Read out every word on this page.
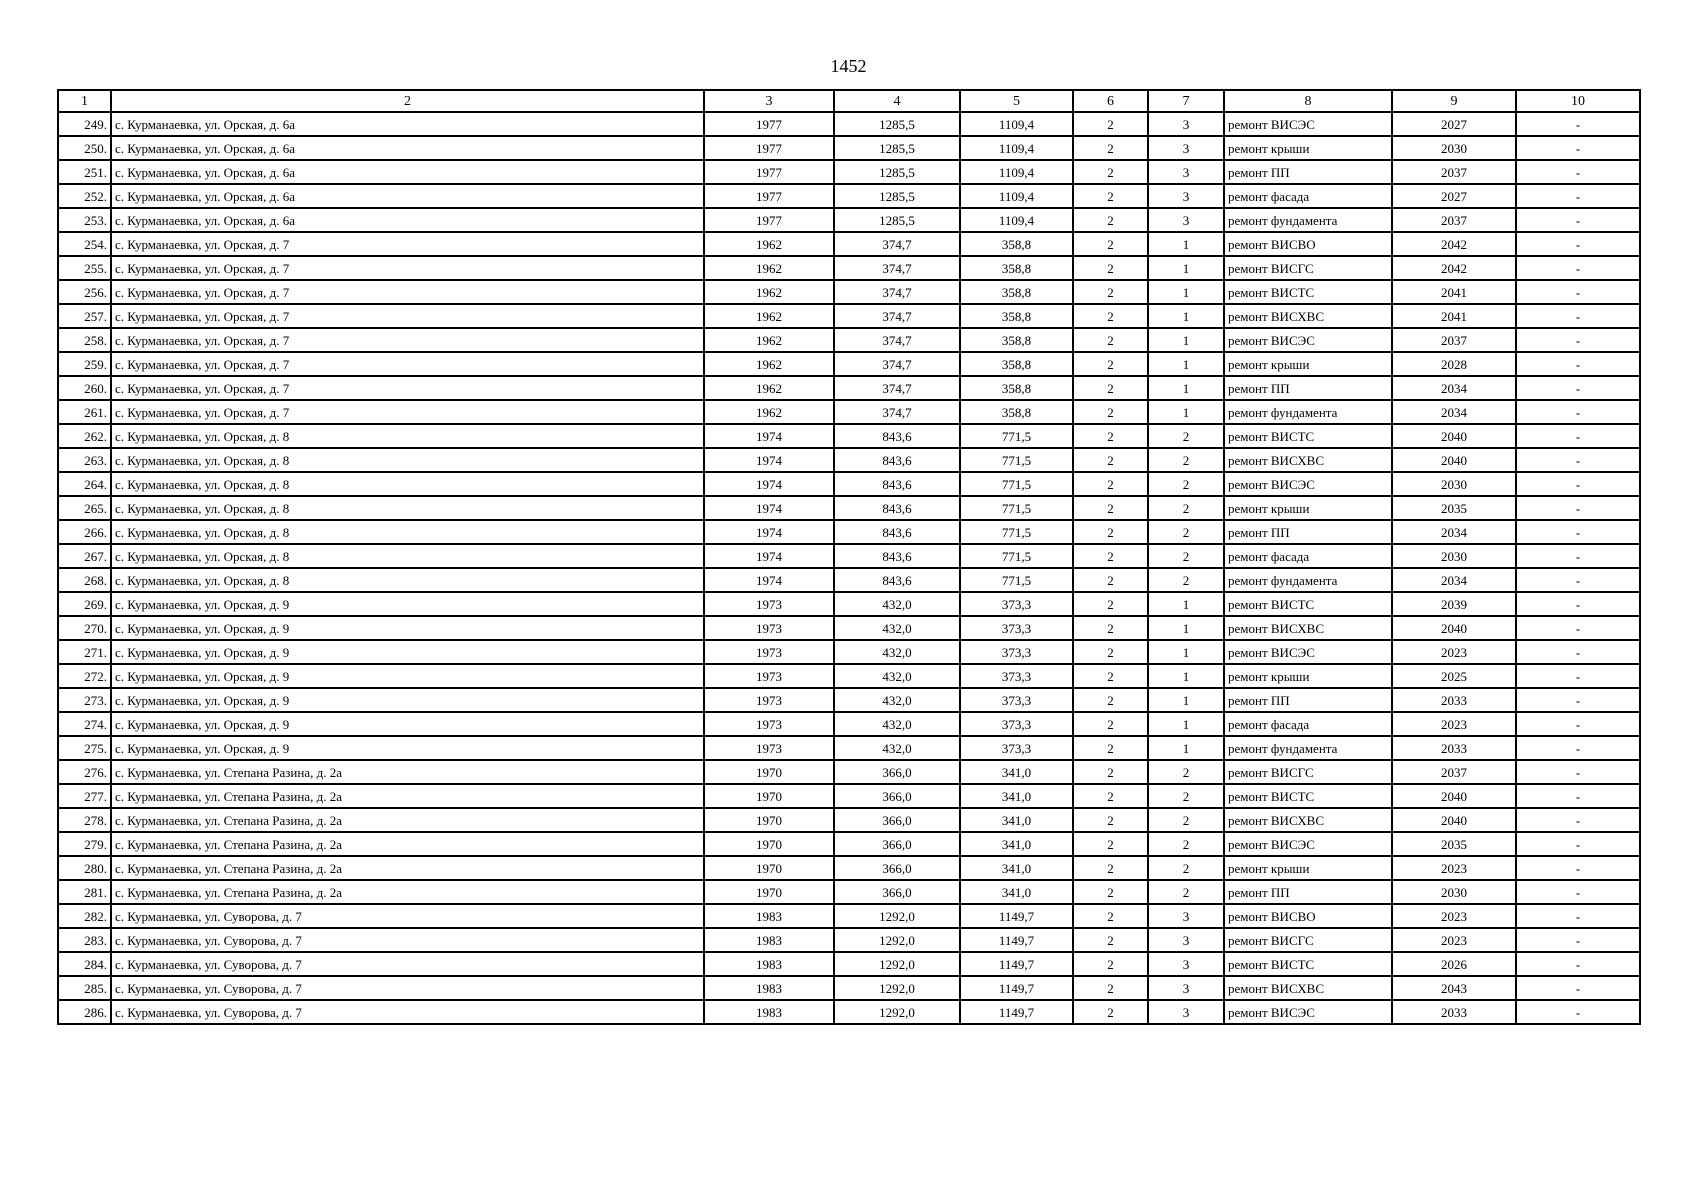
1452
1	2	3	4	5	6	7	8	9	10
249.	с. Курманаевка, ул. Орская, д. 6а	1977	1285,5	1109,4	2	3	ремонт ВИСЭС	2027	-
250.	с. Курманаевка, ул. Орская, д. 6а	1977	1285,5	1109,4	2	3	ремонт крыши	2030	-
251.	с. Курманаевка, ул. Орская, д. 6а	1977	1285,5	1109,4	2	3	ремонт ПП	2037	-
252.	с. Курманаевка, ул. Орская, д. 6а	1977	1285,5	1109,4	2	3	ремонт фасада	2027	-
253.	с. Курманаевка, ул. Орская, д. 6а	1977	1285,5	1109,4	2	3	ремонт фундамента	2037	-
254.	с. Курманаевка, ул. Орская, д. 7	1962	374,7	358,8	2	1	ремонт ВИСВО	2042	-
255.	с. Курманаевка, ул. Орская, д. 7	1962	374,7	358,8	2	1	ремонт ВИСГС	2042	-
256.	с. Курманаевка, ул. Орская, д. 7	1962	374,7	358,8	2	1	ремонт ВИСТС	2041	-
257.	с. Курманаевка, ул. Орская, д. 7	1962	374,7	358,8	2	1	ремонт ВИСХВС	2041	-
258.	с. Курманаевка, ул. Орская, д. 7	1962	374,7	358,8	2	1	ремонт ВИСЭС	2037	-
259.	с. Курманаевка, ул. Орская, д. 7	1962	374,7	358,8	2	1	ремонт крыши	2028	-
260.	с. Курманаевка, ул. Орская, д. 7	1962	374,7	358,8	2	1	ремонт ПП	2034	-
261.	с. Курманаевка, ул. Орская, д. 7	1962	374,7	358,8	2	1	ремонт фундамента	2034	-
262.	с. Курманаевка, ул. Орская, д. 8	1974	843,6	771,5	2	2	ремонт ВИСТС	2040	-
263.	с. Курманаевка, ул. Орская, д. 8	1974	843,6	771,5	2	2	ремонт ВИСХВС	2040	-
264.	с. Курманаевка, ул. Орская, д. 8	1974	843,6	771,5	2	2	ремонт ВИСЭС	2030	-
265.	с. Курманаевка, ул. Орская, д. 8	1974	843,6	771,5	2	2	ремонт крыши	2035	-
266.	с. Курманаевка, ул. Орская, д. 8	1974	843,6	771,5	2	2	ремонт ПП	2034	-
267.	с. Курманаевка, ул. Орская, д. 8	1974	843,6	771,5	2	2	ремонт фасада	2030	-
268.	с. Курманаевка, ул. Орская, д. 8	1974	843,6	771,5	2	2	ремонт фундамента	2034	-
269.	с. Курманаевка, ул. Орская, д. 9	1973	432,0	373,3	2	1	ремонт ВИСТС	2039	-
270.	с. Курманаевка, ул. Орская, д. 9	1973	432,0	373,3	2	1	ремонт ВИСХВС	2040	-
271.	с. Курманаевка, ул. Орская, д. 9	1973	432,0	373,3	2	1	ремонт ВИСЭС	2023	-
272.	с. Курманаевка, ул. Орская, д. 9	1973	432,0	373,3	2	1	ремонт крыши	2025	-
273.	с. Курманаевка, ул. Орская, д. 9	1973	432,0	373,3	2	1	ремонт ПП	2033	-
274.	с. Курманаевка, ул. Орская, д. 9	1973	432,0	373,3	2	1	ремонт фасада	2023	-
275.	с. Курманаевка, ул. Орская, д. 9	1973	432,0	373,3	2	1	ремонт фундамента	2033	-
276.	с. Курманаевка, ул. Степана Разина, д. 2а	1970	366,0	341,0	2	2	ремонт ВИСГС	2037	-
277.	с. Курманаевка, ул. Степана Разина, д. 2а	1970	366,0	341,0	2	2	ремонт ВИСТС	2040	-
278.	с. Курманаевка, ул. Степана Разина, д. 2а	1970	366,0	341,0	2	2	ремонт ВИСХВС	2040	-
279.	с. Курманаевка, ул. Степана Разина, д. 2а	1970	366,0	341,0	2	2	ремонт ВИСЭС	2035	-
280.	с. Курманаевка, ул. Степана Разина, д. 2а	1970	366,0	341,0	2	2	ремонт крыши	2023	-
281.	с. Курманаевка, ул. Степана Разина, д. 2а	1970	366,0	341,0	2	2	ремонт ПП	2030	-
282.	с. Курманаевка, ул. Суворова, д. 7	1983	1292,0	1149,7	2	3	ремонт ВИСВО	2023	-
283.	с. Курманаевка, ул. Суворова, д. 7	1983	1292,0	1149,7	2	3	ремонт ВИСГС	2023	-
284.	с. Курманаевка, ул. Суворова, д. 7	1983	1292,0	1149,7	2	3	ремонт ВИСТС	2026	-
285.	с. Курманаевка, ул. Суворова, д. 7	1983	1292,0	1149,7	2	3	ремонт ВИСХВС	2043	-
286.	с. Курманаевка, ул. Суворова, д. 7	1983	1292,0	1149,7	2	3	ремонт ВИСЭС	2033	-
